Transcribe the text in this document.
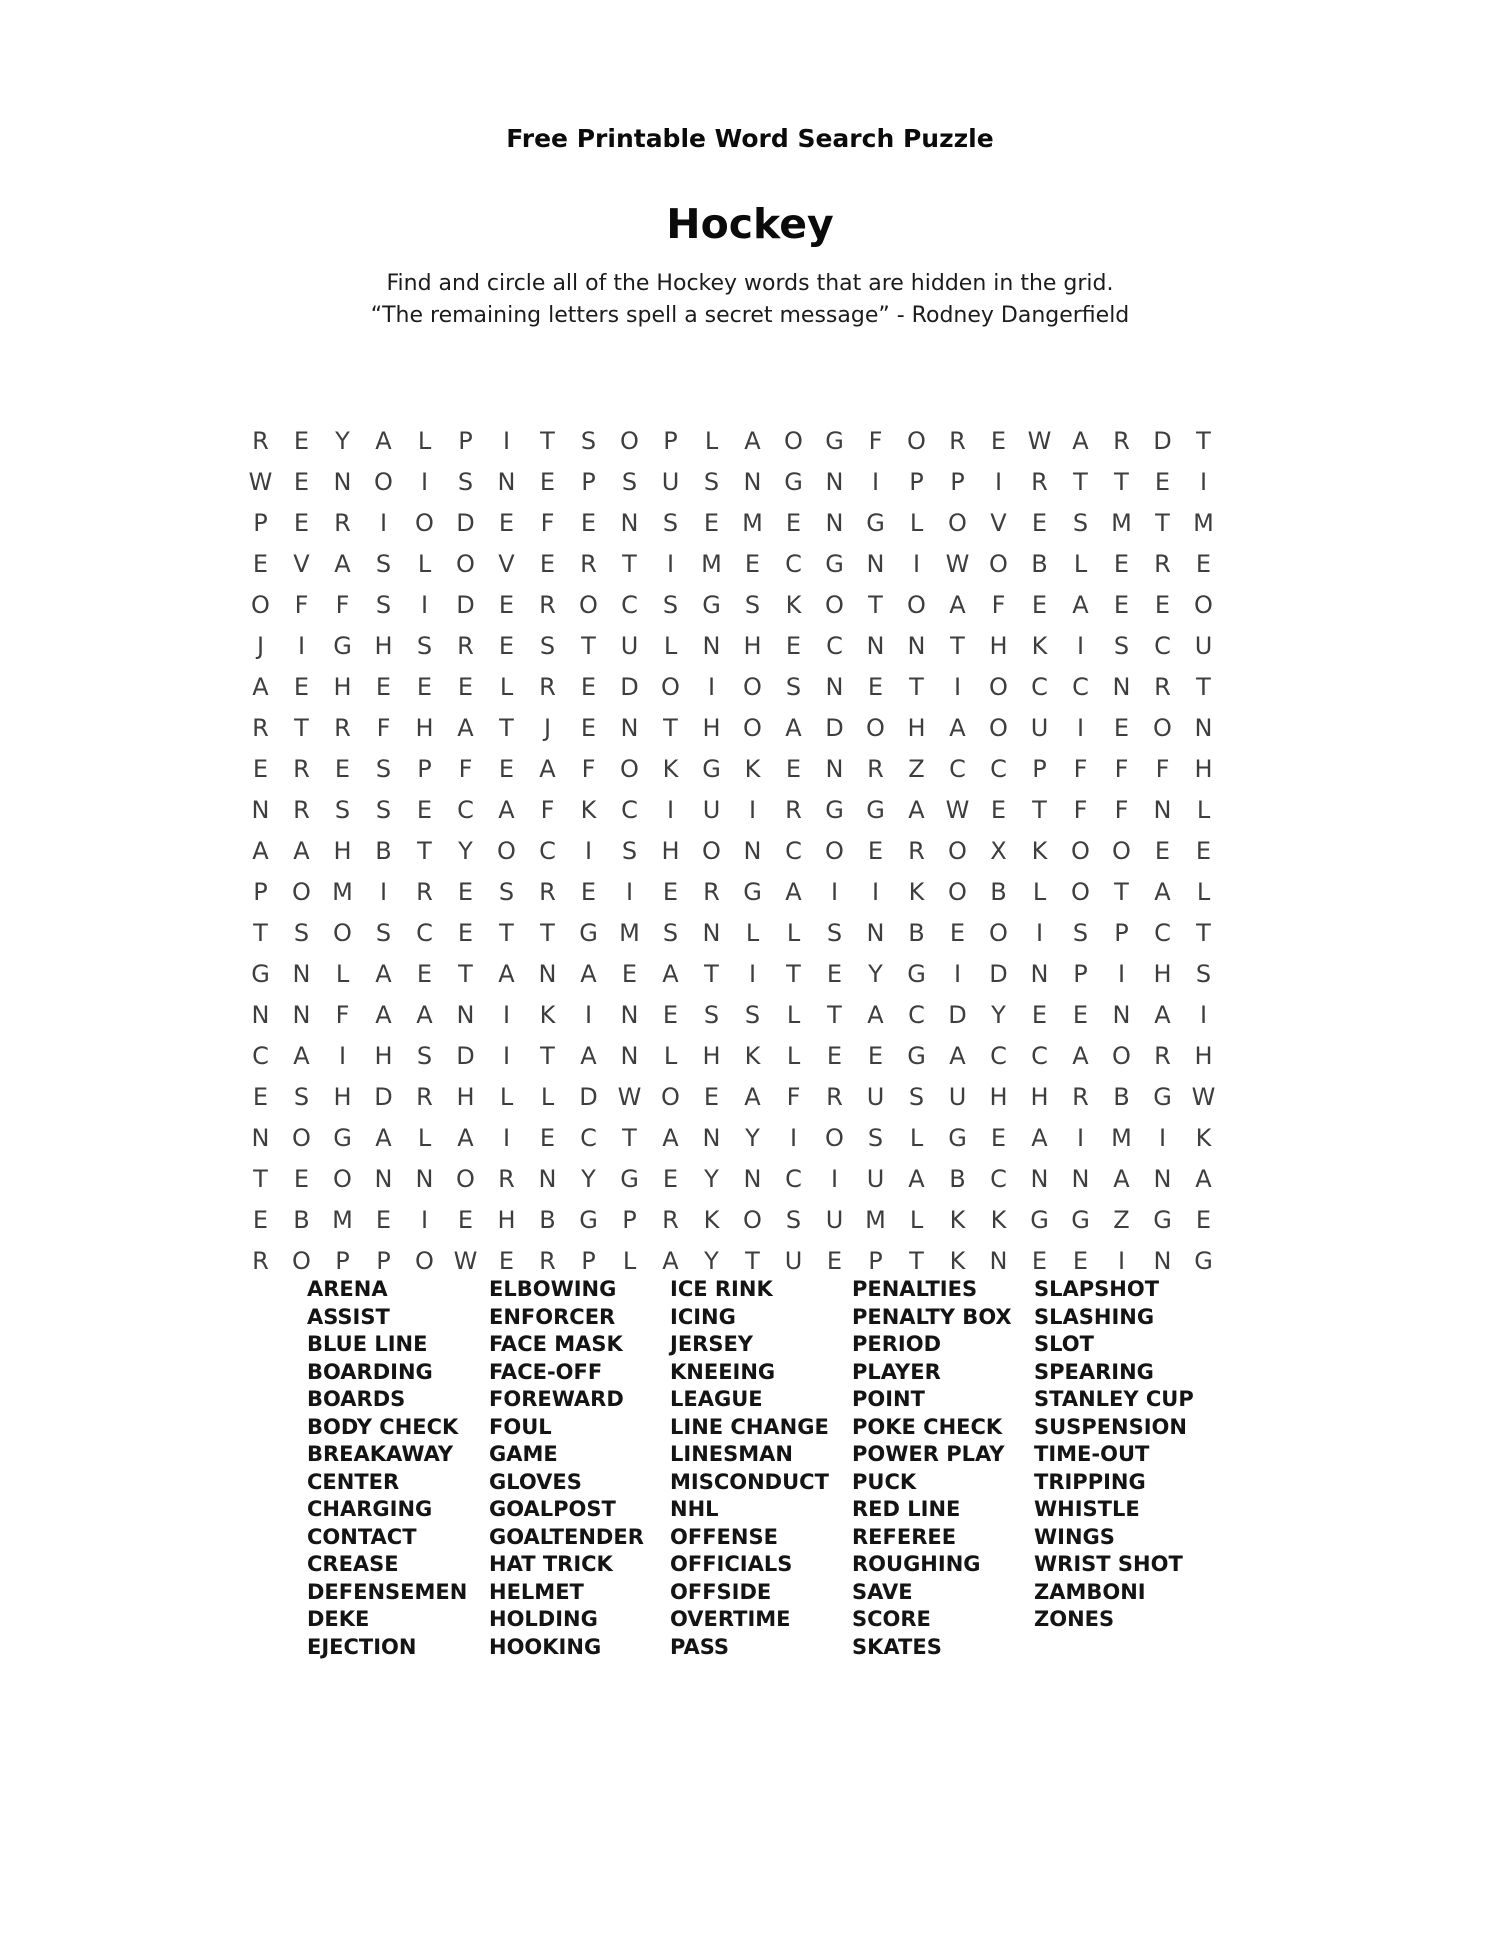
Free Printable Word Search Puzzle
Hockey
Find and circle all of the Hockey words that are hidden in the grid.
“The remaining letters spell a secret message” - Rodney Dangerfield
R	E	Y	A	L	P	I	T	S O	P	L	A O G	F	O R	E W A	R D	T
W E	N O	I	S	N	E	P	S	U	S	N G N	I	P	P	I	R	T	T	E	I
P	E	R	I	O D	E	F	E	N	S	E M E	N G	L	O V	E	S M T M
E	V	A	S	L	O V	E	R	T	I	M E	C G N	I	W O B	L	E	R	E
O	F	F	S	I	D	E	R O C	S	G	S	K O	T	O A	F	E	A	E	E O
J	I	G H	S	R	E	S	T	U	L	N H	E	C N N	T	H	K	I	S	C U
A	E	H	E	E	E	L	R	E	D O	I	O S	N	E	T	I	O C	C N R	T
R	T	R	F	H A	T	J	E	N	T	H O A D O H A O U	I	E O N
E	R	E	S	P	F	E	A	F	O K G K	E	N R	Z	C	C	P	F	F	F	H
N R	S	S	E	C	A	F	K	C	I	U	I	R G G A W E	T	F	F	N	L
A	A H B	T	Y	O C	I	S	H O N C O E	R O X	K O O E	E
P	O M	I	R	E	S	R	E	I	E	R G A	I	I	K O B	L	O	T	A	L
T	S O S	C	E	T	T	G M S	N	L	L	S	N B	E O	I	S	P	C	T
G N	L	A	E	T	A N A	E	A	T	I	T	E	Y	G	I	D N	P	I	H	S
N N	F	A	A N	I	K	I	N	E	S	S	L	T	A	C D	Y	E	E	N A	I
C	A	I	H	S	D	I	T	A N	L	H	K	L	E	E	G A	C	C	A O R H
E	S	H D R H	L	L	D W O E	A	F	R U	S	U H H R	B G W
N O G A	L	A	I	E	C	T	A N	Y	I	O S	L	G	E	A	I	M	I	K
T	E O N N O R N	Y	G	E	Y	N C	I	U	A	B	C N N A N A
E	B M E	I	E	H B G	P	R	K O S	U M L	K	K G G Z G	E
R O	P	P	O W E	R	P	L	A	Y	T	U	E	P	T	K	N	E	E	I	N G
ARENA
ASSIST
BLUE LINE
BOARDING
BOARDS
BODY CHECK
BREAKAWAY
CENTER
CHARGING
CONTACT
CREASE
DEFENSEMEN
DEKE
EJECTION
ELBOWING
ENFORCER
FACE MASK
FACE-OFF
FOREWARD
FOUL
GAME
GLOVES
GOALPOST
GOALTENDER
HAT TRICK
HELMET
HOLDING
HOOKING
ICE RINK
ICING
JERSEY
KNEEING
LEAGUE
LINE CHANGE
LINESMAN
MISCONDUCT
NHL
OFFENSE
OFFICIALS
OFFSIDE
OVERTIME
PASS
PENALTIES
PENALTY BOX
PERIOD
PLAYER
POINT
POKE CHECK
POWER PLAY
PUCK
RED LINE
REFEREE
ROUGHING
SAVE
SCORE
SKATES
SLAPSHOT
SLASHING
SLOT
SPEARING
STANLEY CUP
SUSPENSION
TIME-OUT
TRIPPING
WHISTLE
WINGS
WRIST SHOT
ZAMBONI
ZONES
